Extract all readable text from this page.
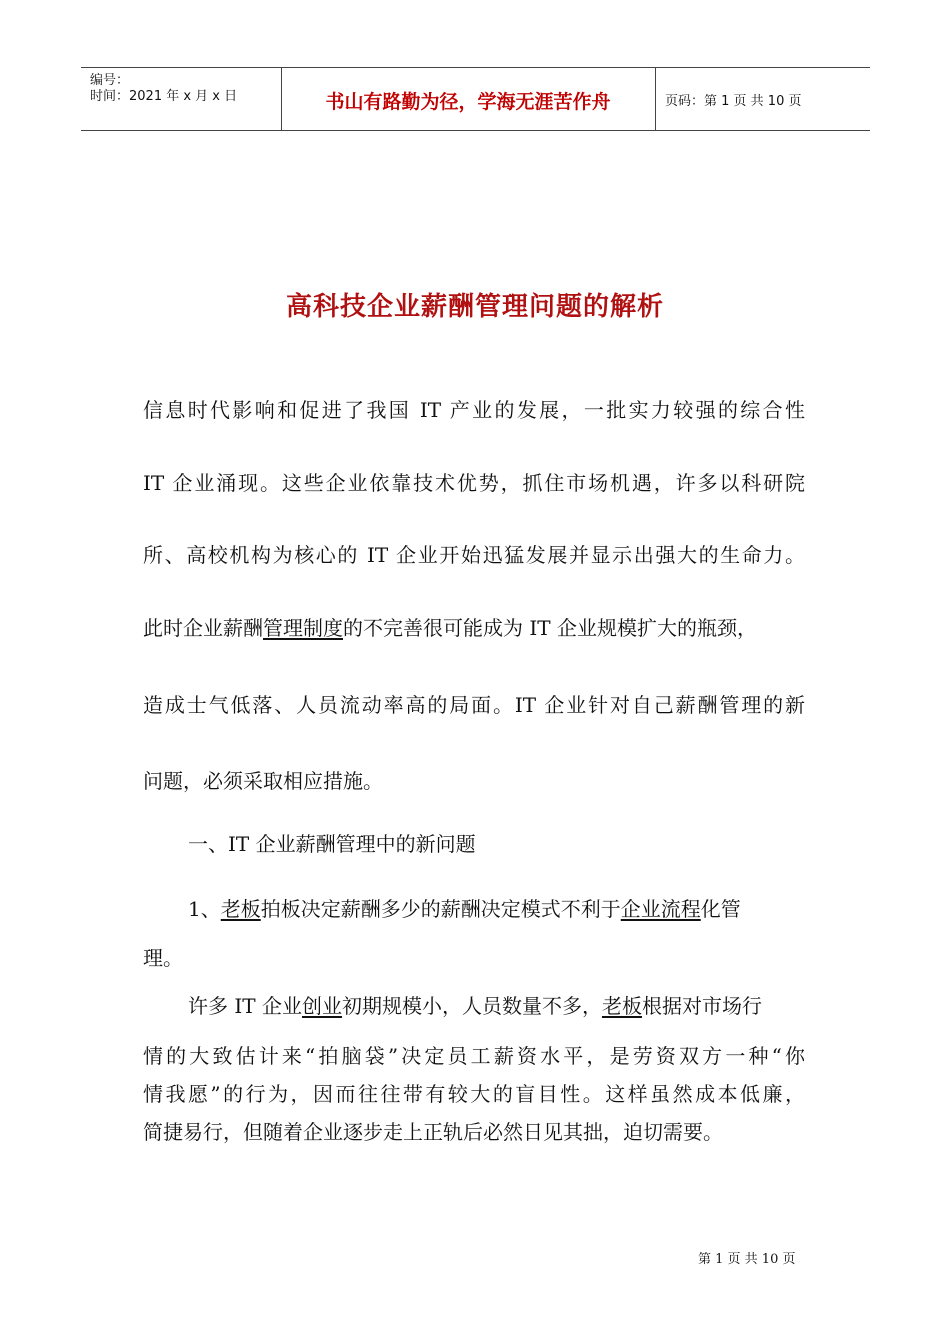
编号：
时间：2021 年 x 月 x 日	书山有路勤为径，学海无涯苦作舟	页码：第 1 页 共 10 页
高科技企业薪酬管理问题的解析
信息时代影响和促进了我国 IT 产业的发展，一批实力较强的综合性
IT 企业涌现。这些企业依靠技术优势，抓住市场机遇，许多以科研院
所、高校机构为核心的 IT 企业开始迅猛发展并显示出强大的生命力。
此时企业薪酬管理制度的不完善很可能成为 IT 企业规模扩大的瓶颈，
造成士气低落、人员流动率高的局面。IT 企业针对自己薪酬管理的新
问题，必须采取相应措施。
一、IT 企业薪酬管理中的新问题
1、老板拍板决定薪酬多少的薪酬决定模式不利于企业流程化管
理。
许多 IT 企业创业初期规模小，人员数量不多，老板根据对市场行
情的大致估计来“拍脑袋”决定员工薪资水平，是劳资双方一种“你
情我愿”的行为，因而往往带有较大的盲目性。这样虽然成本低廉，
简捷易行，但随着企业逐步走上正轨后必然日见其拙，迫切需要。
第 1 页 共 10 页
